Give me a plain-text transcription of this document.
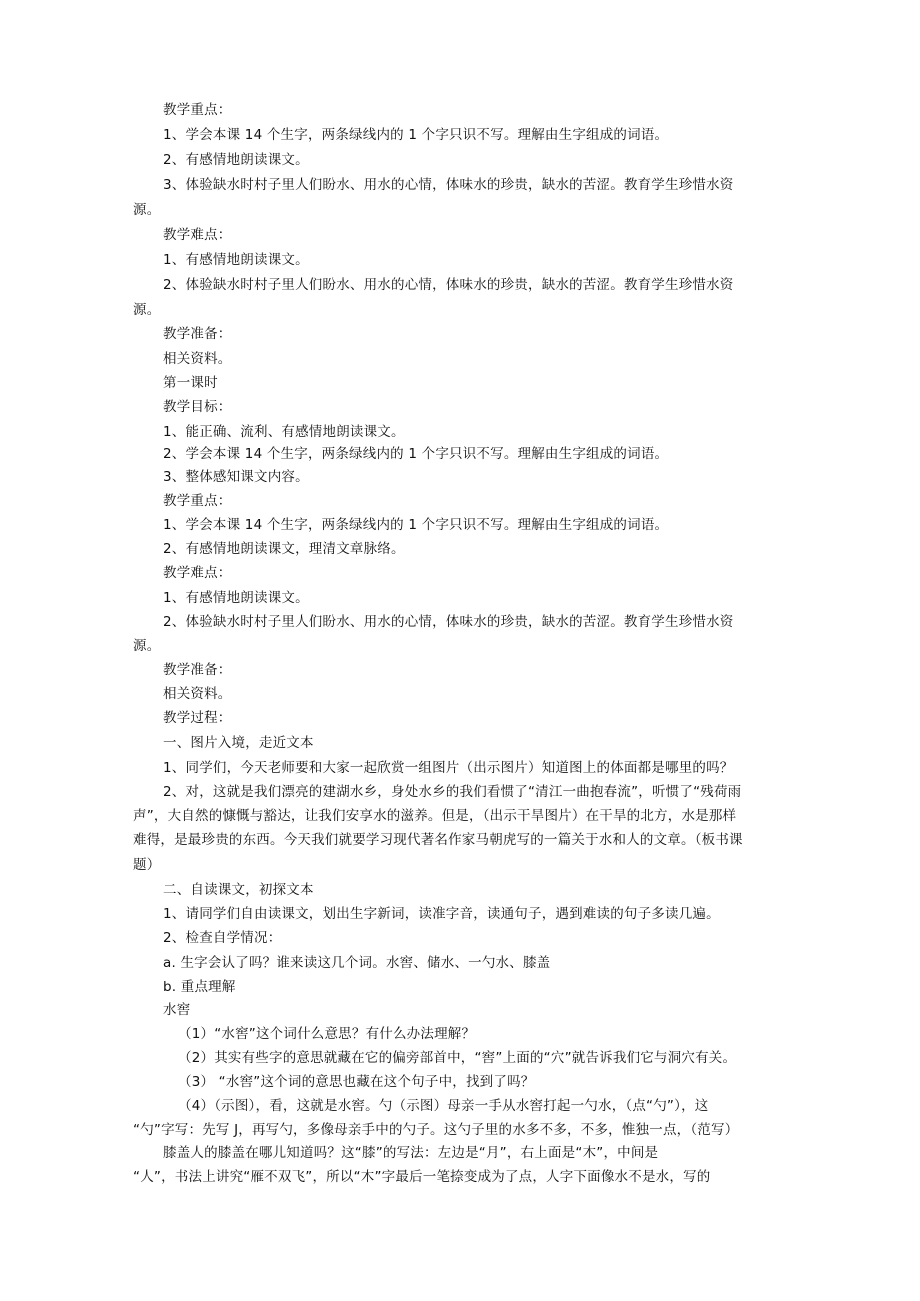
教学重点：
1、学会本课 14 个生字，两条绿线内的 1 个字只识不写。理解由生字组成的词语。
2、有感情地朗读课文。
3、体验缺水时村子里人们盼水、用水的心情，体味水的珍贵，缺水的苦涩。教育学生珍惜水资
源。
教学难点：
1、有感情地朗读课文。
2、体验缺水时村子里人们盼水、用水的心情，体味水的珍贵，缺水的苦涩。教育学生珍惜水资
源。
教学准备：
相关资料。
第一课时
教学目标：
1、能正确、流利、有感情地朗读课文。
2、学会本课 14 个生字，两条绿线内的 1 个字只识不写。理解由生字组成的词语。
3、整体感知课文内容。
教学重点：
1、学会本课 14 个生字，两条绿线内的 1 个字只识不写。理解由生字组成的词语。
2、有感情地朗读课文，理清文章脉络。
教学难点：
1、有感情地朗读课文。
2、体验缺水时村子里人们盼水、用水的心情，体味水的珍贵，缺水的苦涩。教育学生珍惜水资
源。
教学准备：
相关资料。
教学过程：
一、图片入境，走近文本
1、同学们，今天老师要和大家一起欣赏一组图片（出示图片）知道图上的体面都是哪里的吗？
2、对，这就是我们漂亮的建湖水乡，身处水乡的我们看惯了“清江一曲抱春流”，听惯了“残荷雨
声”，大自然的慷慨与豁达，让我们安享水的滋养。但是，（出示干旱图片）在干旱的北方，水是那样
难得，是最珍贵的东西。今天我们就要学习现代著名作家马朝虎写的一篇关于水和人的文章。（板书课
题）
二、自读课文，初探文本
1、请同学们自由读课文，划出生字新词，读准字音，读通句子，遇到难读的句子多读几遍。
2、检查自学情况：
a. 生字会认了吗？谁来读这几个词。水窖、储水、一勺水、膝盖
b. 重点理解
水窖
（1）“水窖”这个词什么意思？有什么办法理解？
（2）其实有些字的意思就藏在它的偏旁部首中，“窖”上面的“穴”就告诉我们它与洞穴有关。
（3） “水窖”这个词的意思也藏在这个句子中，找到了吗？
（4）（示图），看，这就是水窖。勺（示图）母亲一手从水窖打起一勺水，（点“勺”），这
“勺”字写：先写 J，再写勺，多像母亲手中的勺子。这勺子里的水多不多，不多，惟独一点，（范写）
膝盖人的膝盖在哪儿知道吗？这“膝”的写法：左边是“月”，右上面是“木”，中间是
“人”，书法上讲究“雁不双飞”，所以“木”字最后一笔捺变成为了点，人字下面像水不是水，写的
